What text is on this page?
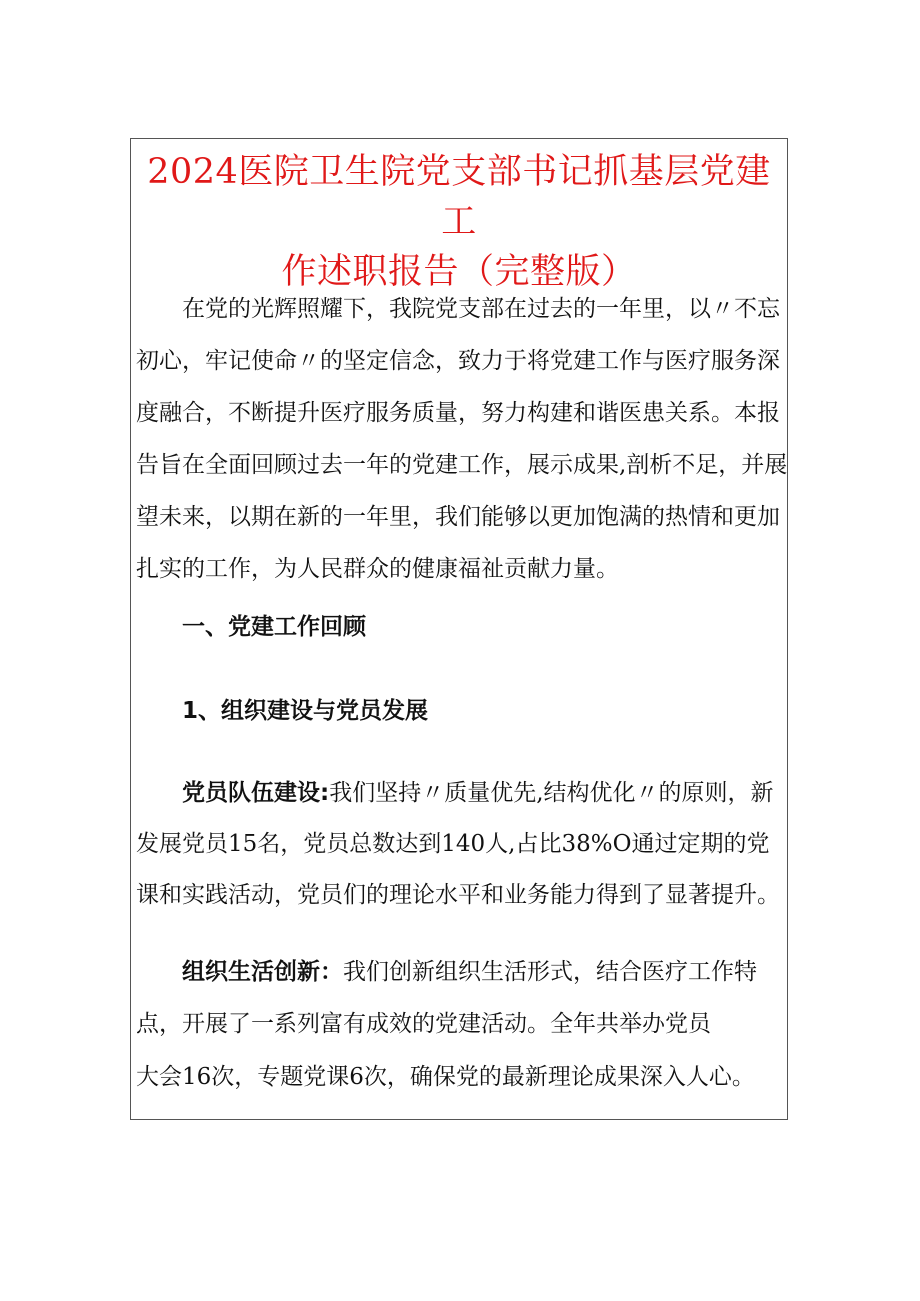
2024医院卫生院党支部书记抓基层党建工
作述职报告（完整版）

在党的光辉照耀下，我院党支部在过去的一年里，以〃不忘
初心，牢记使命〃的坚定信念，致力于将党建工作与医疗服务深
度融合，不断提升医疗服务质量，努力构建和谐医患关系。本报
告旨在全面回顾过去一年的党建工作，展示成果,剖析不足，并展
望未来，以期在新的一年里，我们能够以更加饱满的热情和更加
扎实的工作，为人民群众的健康福祉贡献力量。

一、党建工作回顾
1、组织建设与党员发展

党员队伍建设:我们坚持〃质量优先,结构优化〃的原则，新
发展党员15名，党员总数达到140人,占比38%O通过定期的党
课和实践活动，党员们的理论水平和业务能力得到了显著提升。

组织生活创新：我们创新组织生活形式，结合医疗工作特
点，开展了一系列富有成效的党建活动。全年共举办党员

大会16次，专题党课6次，确保党的最新理论成果深入人心。
